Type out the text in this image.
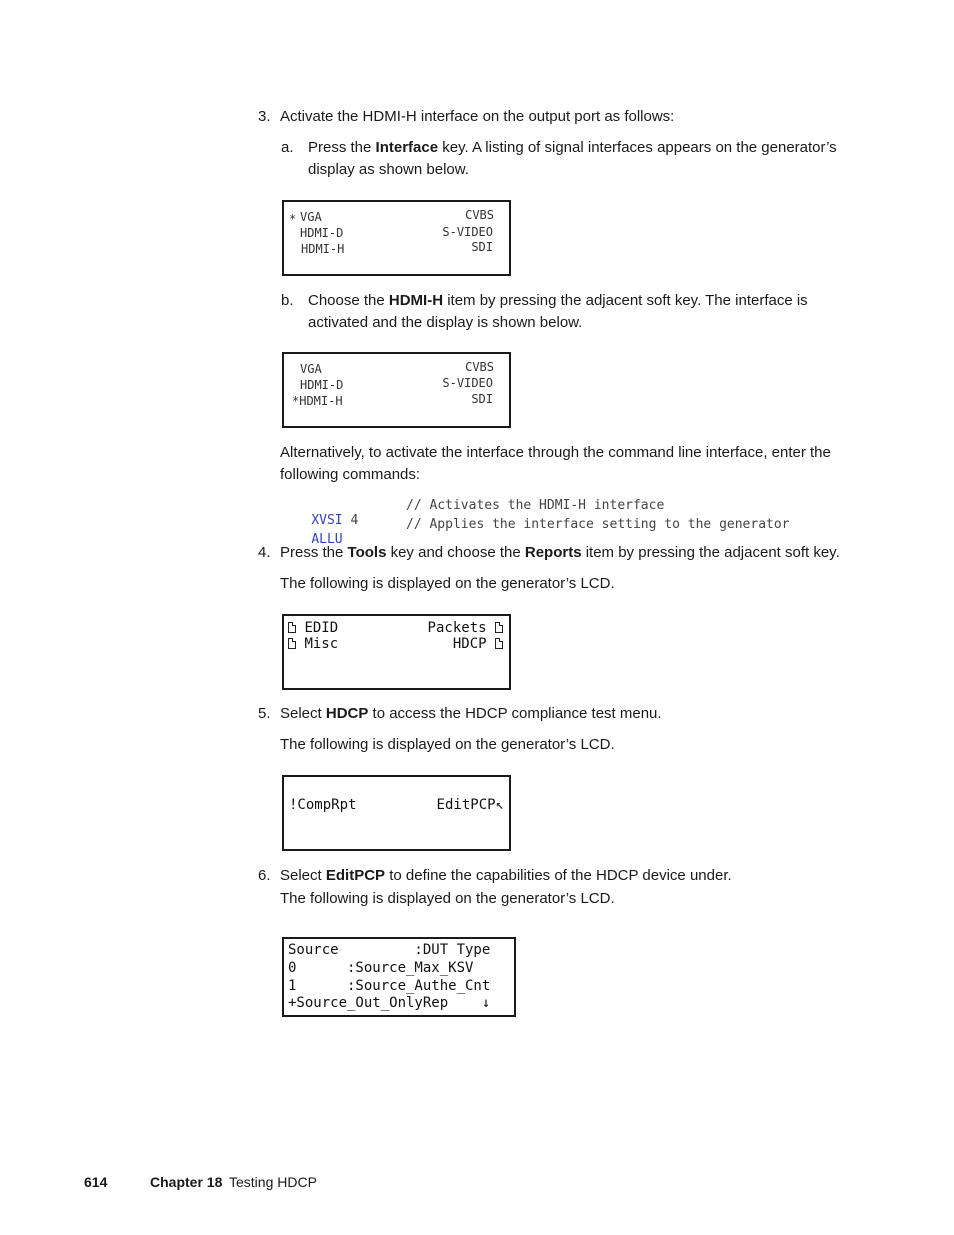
3. Activate the HDMI-H interface on the output port as follows:
a. Press the Interface key. A listing of signal interfaces appears on the generator’s
display as shown below.
* VGA
HDMI-D
HDMI-H
CVBS
S-VIDEO
SDI
b. Choose the HDMI-H item by pressing the adjacent soft key. The interface is
activated and the display is shown below.
VGA
HDMI-D
*HDMI-H
CVBS
S-VIDEO
SDI
Alternatively, to activate the interface through the command line interface, enter the
following commands:

XVSI 4

// Activates the HDMI-H interface

ALLU

// Applies the interface setting to the generator

4. Press the Tools key and choose the Reports item by pressing the adjacent soft key.
The following is displayed on the generator’s LCD.
EDID
Misc
Packets
HDCP
5. Select HDCP to access the HDCP compliance test menu.
The following is displayed on the generator’s LCD.
!CompRpt	EditPCP↖
6. Select EditPCP to define the capabilities of the HDCP device under.
The following is displayed on the generator’s LCD.
Source         :DUT Type
0      :Source_Max_KSV
1      :Source_Authe_Cnt
+Source_Out_OnlyRep    ↓
614	Chapter 18 Testing HDCP
